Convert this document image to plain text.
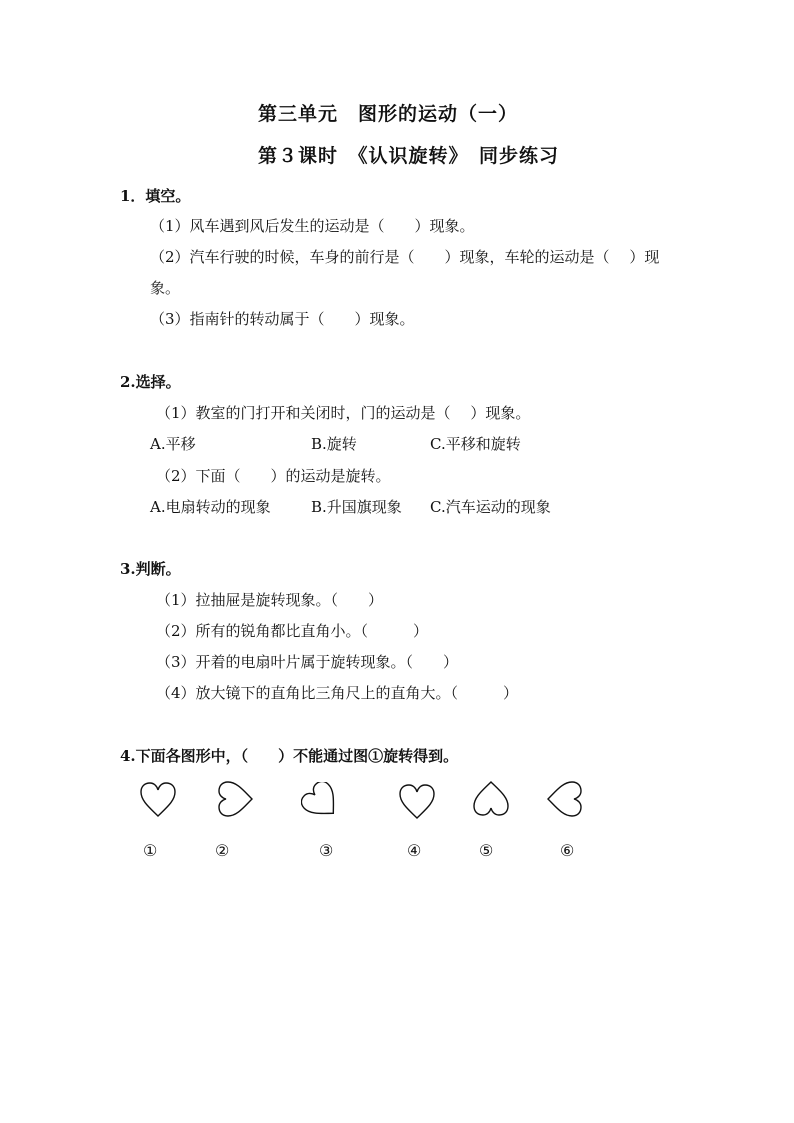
第三单元　图形的运动（一）
第３课时　《认识旋转》　同步练习
1．填空。
（1）风车遇到风后发生的运动是（　　）现象。
（2）汽车行驶的时候，车身的前行是（　　）现象，车轮的运动是（　 ）现
象。
（3）指南针的转动属于（　　）现象。
2.选择。
（1）教室的门打开和关闭时，门的运动是（　 ）现象。
A.平移	B.旋转	C.平移和旋转
（2）下面（　　）的运动是旋转。
A.电扇转动的现象	B.升国旗现象 C.汽车运动的现象
3.判断。
（1）拉抽屉是旋转现象。（　　）
（2）所有的锐角都比直角小。（　　　）
（3）开着的电扇叶片属于旋转现象。（　　）
（4）放大镜下的直角比三角尺上的直角大。（　　　）
4.下面各图形中，（　　）不能通过图①旋转得到。
①	②	③	④	⑤	⑥
